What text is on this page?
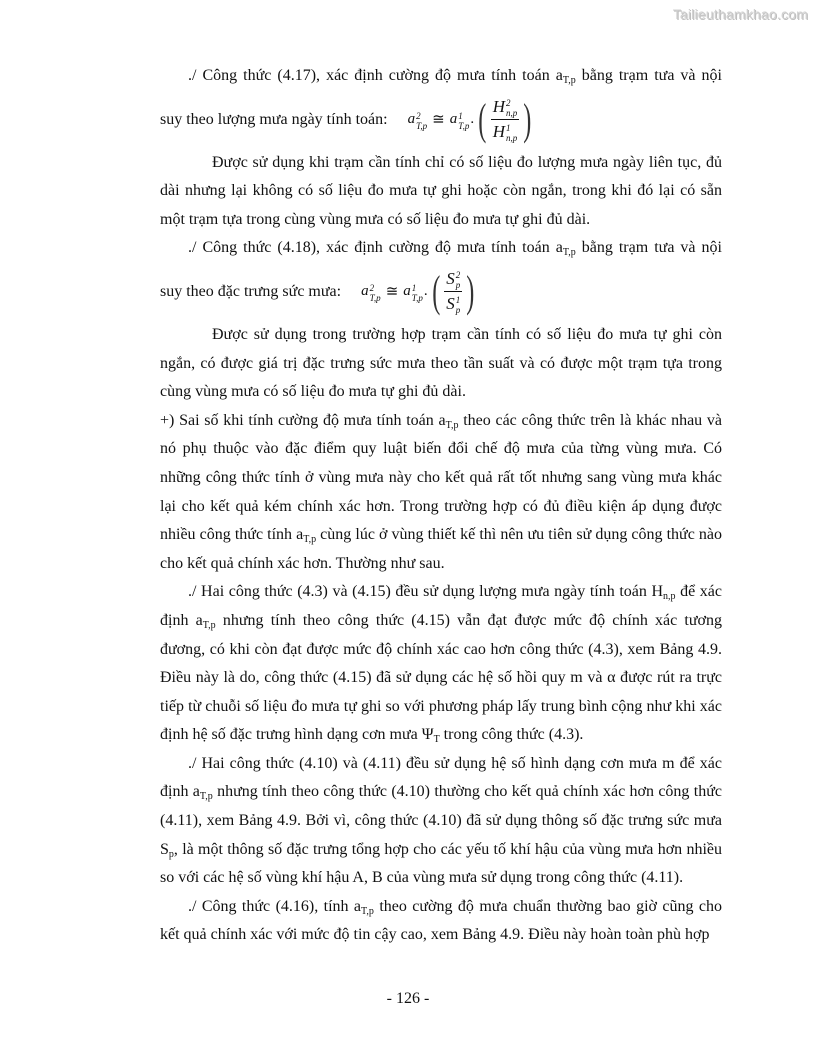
Tailieuthamkhao.com

./ Công thức (4.17), xác định cường độ mưa tính toán $a_{T,p}$ bằng trạm tưa và nội

suy theo lượng mưa ngày tính toán: a 2
T,p ≅ a 1
T,p . ( H 2
n,p
H 1
n,p )

Được sử dụng khi trạm cần tính chỉ có số liệu đo lượng mưa ngày liên tục, đủ dài nhưng lại không có số liệu đo mưa tự ghi hoặc còn ngắn, trong khi đó lại có sẵn một trạm tựa trong cùng vùng mưa có số liệu đo mưa tự ghi đủ dài.

./ Công thức (4.18), xác định cường độ mưa tính toán $a_{T,p}$ bằng trạm tưa và nội

suy theo đặc trưng sức mưa: a 2
T,p ≅ a 1
T,p . ( S 2
p
S 1
p )

Được sử dụng trong trường hợp trạm cần tính có số liệu đo mưa tự ghi còn ngắn, có được giá trị đặc trưng sức mưa theo tần suất và có được một trạm tựa trong cùng vùng mưa có số liệu đo mưa tự ghi đủ dài.

+) Sai số khi tính cường độ mưa tính toán $a_{T,p}$ theo các công thức trên là khác nhau và nó phụ thuộc vào đặc điểm quy luật biến đổi chế độ mưa của từng vùng mưa. Có những công thức tính ở vùng mưa này cho kết quả rất tốt nhưng sang vùng mưa khác lại cho kết quả kém chính xác hơn. Trong trường hợp có đủ điều kiện áp dụng được nhiều công thức tính $a_{T,p}$ cùng lúc ở vùng thiết kế thì nên ưu tiên sử dụng công thức nào cho kết quả chính xác hơn. Thường như sau.

./ Hai công thức (4.3) và (4.15) đều sử dụng lượng mưa ngày tính toán $H_{n,p}$ để xác định $a_{T,p}$ nhưng tính theo công thức (4.15) vẫn đạt được mức độ chính xác tương đương, có khi còn đạt được mức độ chính xác cao hơn công thức (4.3), xem Bảng 4.9. Điều này là do, công thức (4.15) đã sử dụng các hệ số hồi quy m và α được rút ra trực tiếp từ chuỗi số liệu đo mưa tự ghi so với phương pháp lấy trung bình cộng như khi xác định hệ số đặc trưng hình dạng cơn mưa $\Psi_T$ trong công thức (4.3).

./ Hai công thức (4.10) và (4.11) đều sử dụng hệ số hình dạng cơn mưa m để xác định $a_{T,p}$ nhưng tính theo công thức (4.10) thường cho kết quả chính xác hơn công thức (4.11), xem Bảng 4.9. Bởi vì, công thức (4.10) đã sử dụng thông số đặc trưng sức mưa $S_p$, là một thông số đặc trưng tổng hợp cho các yếu tố khí hậu của vùng mưa hơn nhiều so với các hệ số vùng khí hậu A, B của vùng mưa sử dụng trong công thức (4.11).

./ Công thức (4.16), tính $a_{T,p}$ theo cường độ mưa chuẩn thường bao giờ cũng cho kết quả chính xác với mức độ tin cậy cao, xem Bảng 4.9. Điều này hoàn toàn phù hợp

- 126 -
